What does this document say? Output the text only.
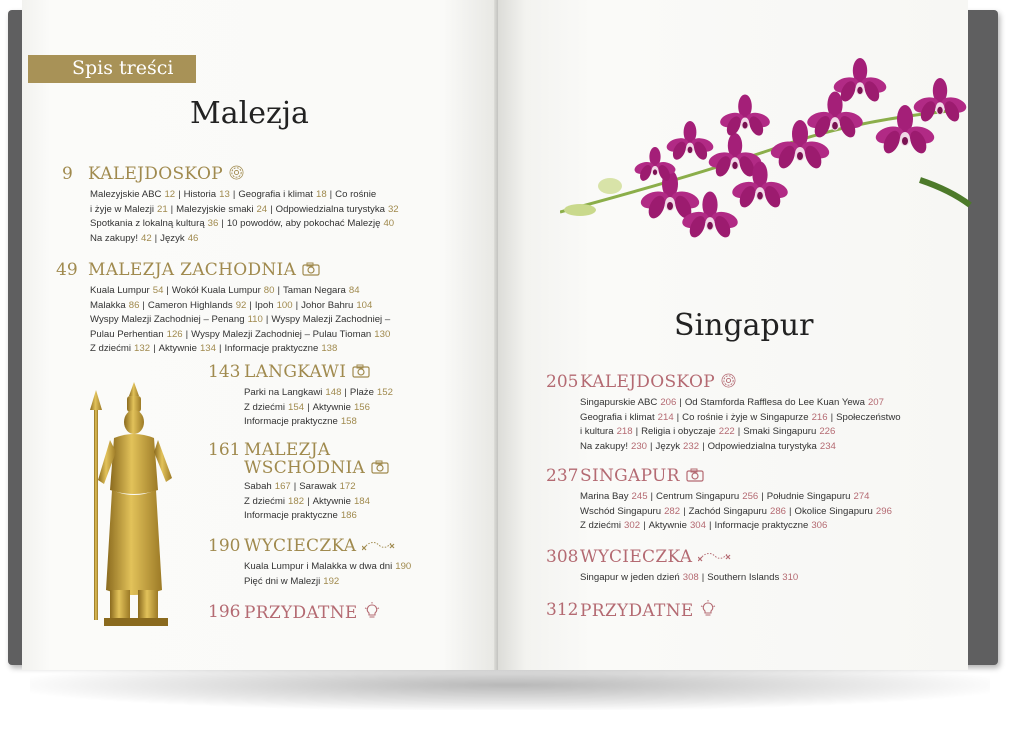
Spis treści
Malezja
9 KALEJDOSKOP
Malezyjskie ABC 12 | Historia 13 | Geografia i klimat 18 | Co rośnie
i żyje w Malezji 21 | Malezyjskie smaki 24 | Odpowiedzialna turystyka 32
Spotkania z lokalną kulturą 36 | 10 powodów, aby pokochać Malezję 40
Na zakupy! 42 | Język 46
49 MALEZJA ZACHODNIA
Kuala Lumpur 54 | Wokół Kuala Lumpur 80 | Taman Negara 84
Malakka 86 | Cameron Highlands 92 | Ipoh 100 | Johor Bahru 104
Wyspy Malezji Zachodniej – Penang 110 | Wyspy Malezji Zachodniej –
Pulau Perhentian 126 | Wyspy Malezji Zachodniej – Pulau Tioman 130
Z dziećmi 132 | Aktywnie 134 | Informacje praktyczne 138
143 LANGKAWI
Parki na Langkawi 148 | Plaże 152
Z dziećmi 154 | Aktywnie 156
Informacje praktyczne 158
161 MALEZJA
WSCHODNIA
Sabah 167 | Sarawak 172
Z dziećmi 182 | Aktywnie 184
Informacje praktyczne 186
190 WYCIECZKA
Kuala Lumpur i Malakka w dwa dni 190
Pięć dni w Malezji 192
196 PRZYDATNE
205 KALEJDOSKOP
Singapurskie ABC 206 | Od Stamforda Rafflesa do Lee Kuan Yewa 207
Geografia i klimat 214 | Co rośnie i żyje w Singapurze 216 | Społeczeństwo
i kultura 218 | Religia i obyczaje 222 | Smaki Singapuru 226
Na zakupy! 230 | Język 232 | Odpowiedzialna turystyka 234
237 SINGAPUR
Marina Bay 245 | Centrum Singapuru 256 | Południe Singapuru 274
Wschód Singapuru 282 | Zachód Singapuru 286 | Okolice Singapuru 296
Z dziećmi 302 | Aktywnie 304 | Informacje praktyczne 306
308 WYCIECZKA
Singapur w jeden dzień 308 | Southern Islands 310
312 PRZYDATNE
Singapur
